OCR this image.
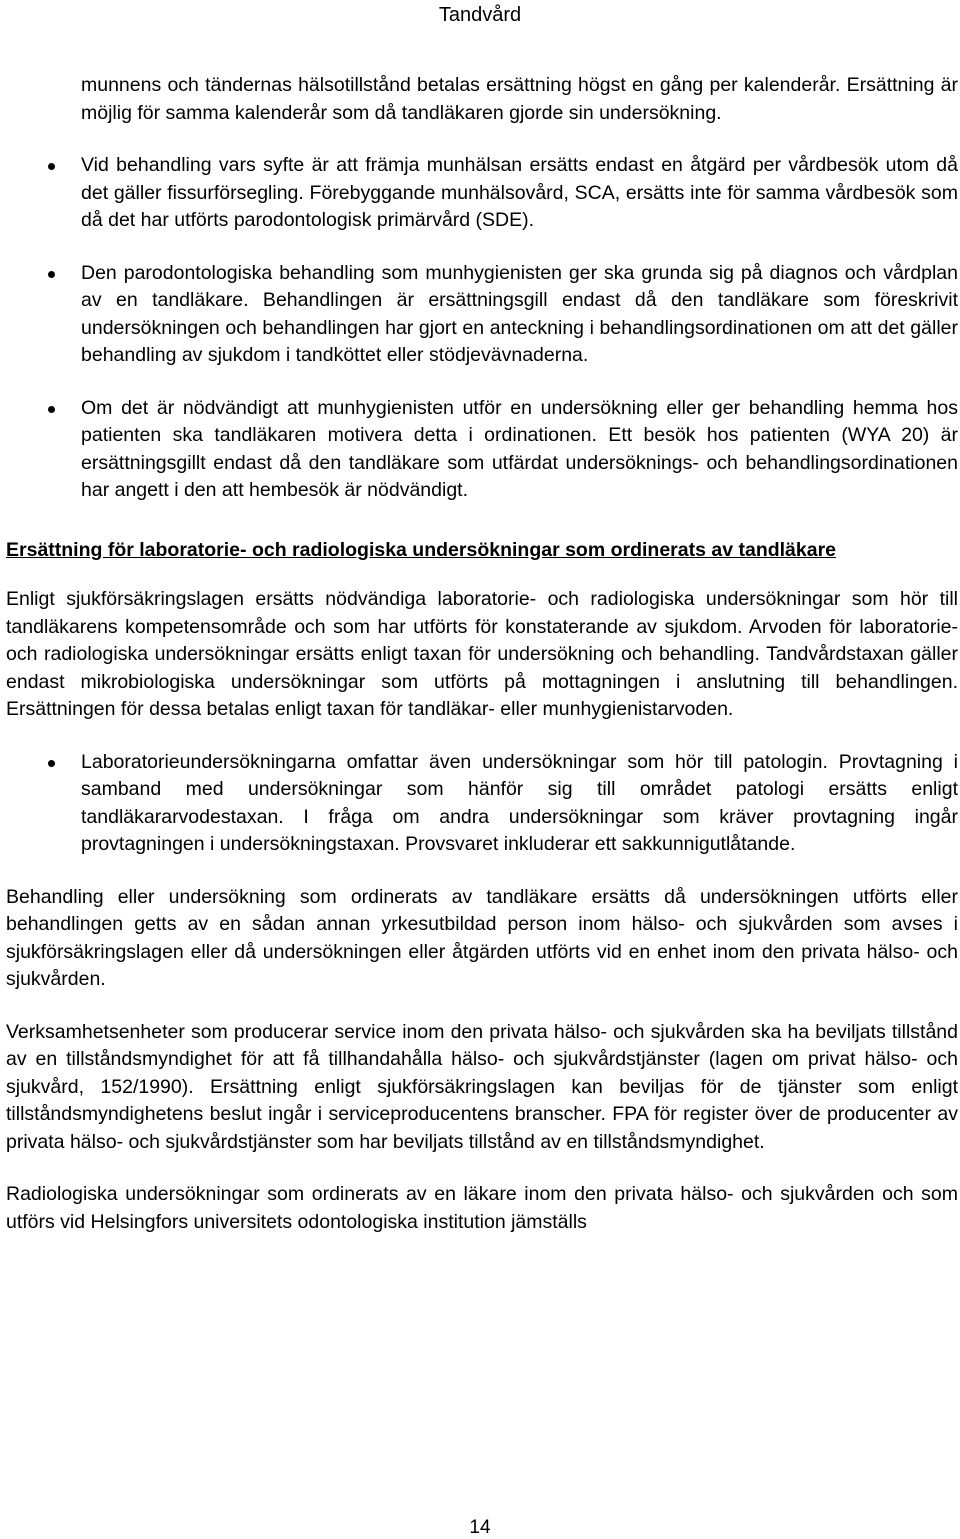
Tandvård

munnens och tändernas hälsotillstånd betalas ersättning högst en gång per kalenderår. Ersättning är möjlig för samma kalenderår som då tandläkaren gjorde sin undersökning.

Vid behandling vars syfte är att främja munhälsan ersätts endast en åtgärd per vårdbesök utom då det gäller fissurförsegling. Förebyggande munhälsovård, SCA, ersätts inte för samma vårdbesök som då det har utförts parodontologisk primärvård (SDE).

Den parodontologiska behandling som munhygienisten ger ska grunda sig på diagnos och vårdplan av en tandläkare. Behandlingen är ersättningsgill endast då den tandläkare som föreskrivit undersökningen och behandlingen har gjort en anteckning i behandlingsordinationen om att det gäller behandling av sjukdom i tandköttet eller stödjevävnaderna.

Om det är nödvändigt att munhygienisten utför en undersökning eller ger behandling hemma hos patienten ska tandläkaren motivera detta i ordinationen. Ett besök hos patienten (WYA 20) är ersättningsgillt endast då den tandläkare som utfärdat undersöknings- och behandlingsordinationen har angett i den att hembesök är nödvändigt.

Ersättning för laboratorie- och radiologiska undersökningar som ordinerats av tandläkare

Enligt sjukförsäkringslagen ersätts nödvändiga laboratorie- och radiologiska undersökningar som hör till tandläkarens kompetensområde och som har utförts för konstaterande av sjukdom. Arvoden för laboratorie- och radiologiska undersökningar ersätts enligt taxan för undersökning och behandling. Tandvårdstaxan gäller endast mikrobiologiska undersökningar som utförts på mottagningen i anslutning till behandlingen. Ersättningen för dessa betalas enligt taxan för tandläkar- eller munhygienistarvoden.

Laboratorieundersökningarna omfattar även undersökningar som hör till patologin. Provtagning i samband med undersökningar som hänför sig till området patologi ersätts enligt tandläkararvodestaxan. I fråga om andra undersökningar som kräver provtagning ingår provtagningen i undersökningstaxan. Provsvaret inkluderar ett sakkunnigutlåtande.

Behandling eller undersökning som ordinerats av tandläkare ersätts då undersökningen utförts eller behandlingen getts av en sådan annan yrkesutbildad person inom hälso- och sjukvården som avses i sjukförsäkringslagen eller då undersökningen eller åtgärden utförts vid en enhet inom den privata hälso- och sjukvården.

Verksamhetsenheter som producerar service inom den privata hälso- och sjukvården ska ha beviljats tillstånd av en tillståndsmyndighet för att få tillhandahålla hälso- och sjukvårdstjänster (lagen om privat hälso- och sjukvård, 152/1990). Ersättning enligt sjukförsäkringslagen kan beviljas för de tjänster som enligt tillståndsmyndighetens beslut ingår i serviceproducentens branscher. FPA för register över de producenter av privata hälso- och sjukvårdstjänster som har beviljats tillstånd av en tillståndsmyndighet.

Radiologiska undersökningar som ordinerats av en läkare inom den privata hälso- och sjukvården och som utförs vid Helsingfors universitets odontologiska institution jämställs

14
